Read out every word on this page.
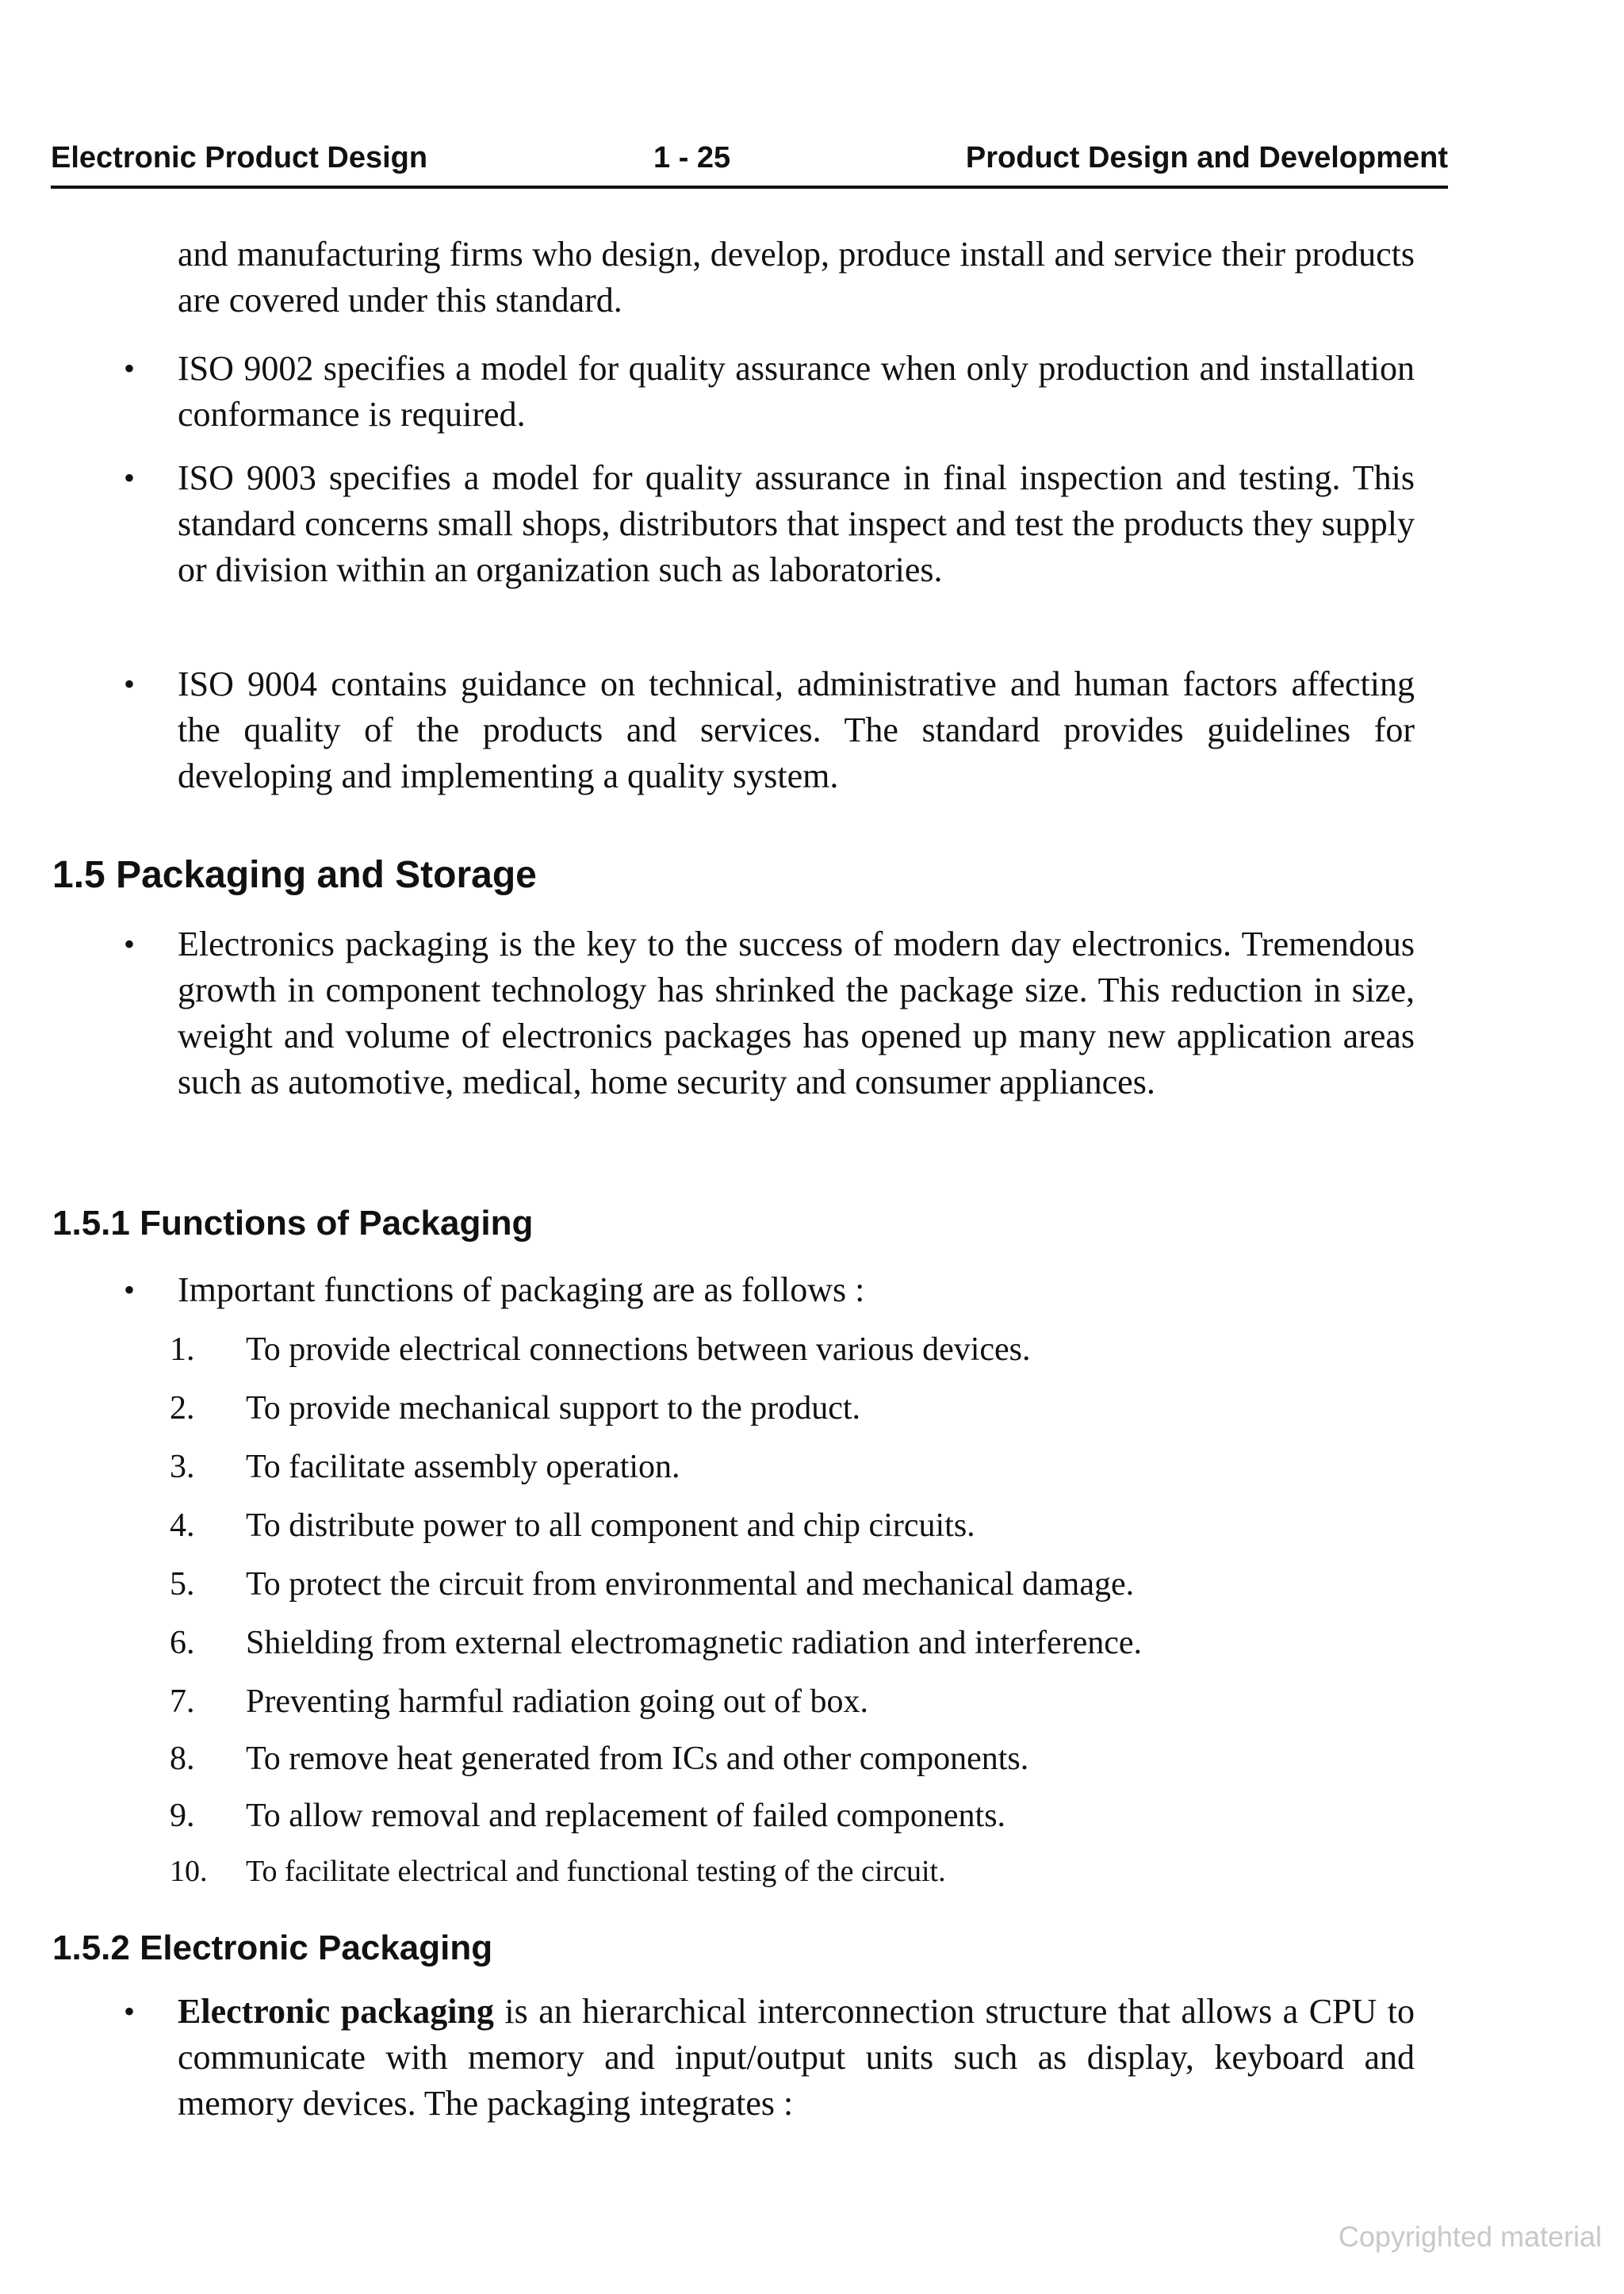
Electronic Product Design	1 - 25	Product Design and Development
and manufacturing firms who design, develop, produce install and service their products are covered under this standard.
• ISO 9002 specifies a model for quality assurance when only production and installation conformance is required.
• ISO 9003 specifies a model for quality assurance in final inspection and testing. This standard concerns small shops, distributors that inspect and test the products they supply or division within an organization such as laboratories.
• ISO 9004 contains guidance on technical, administrative and human factors affecting the quality of the products and services. The standard provides guidelines for developing and implementing a quality system.
1.5 Packaging and Storage
• Electronics packaging is the key to the success of modern day electronics. Tremendous growth in component technology has shrinked the package size. This reduction in size, weight and volume of electronics packages has opened up many new application areas such as automotive, medical, home security and consumer appliances.
1.5.1 Functions of Packaging
• Important functions of packaging are as follows :
1.	To provide electrical connections between various devices.
2.	To provide mechanical support to the product.
3.	To facilitate assembly operation.
4.	To distribute power to all component and chip circuits.
5.	To protect the circuit from environmental and mechanical damage.
6.	Shielding from external electromagnetic radiation and interference.
7.	Preventing harmful radiation going out of box.
8.	To remove heat generated from ICs and other components.
9.	To allow removal and replacement of failed components.
10.	To facilitate electrical and functional testing of the circuit.
1.5.2 Electronic Packaging
• Electronic packaging is an hierarchical interconnection structure that allows a CPU to communicate with memory and input/output units such as display, keyboard and memory devices. The packaging integrates :
Copyrighted material
